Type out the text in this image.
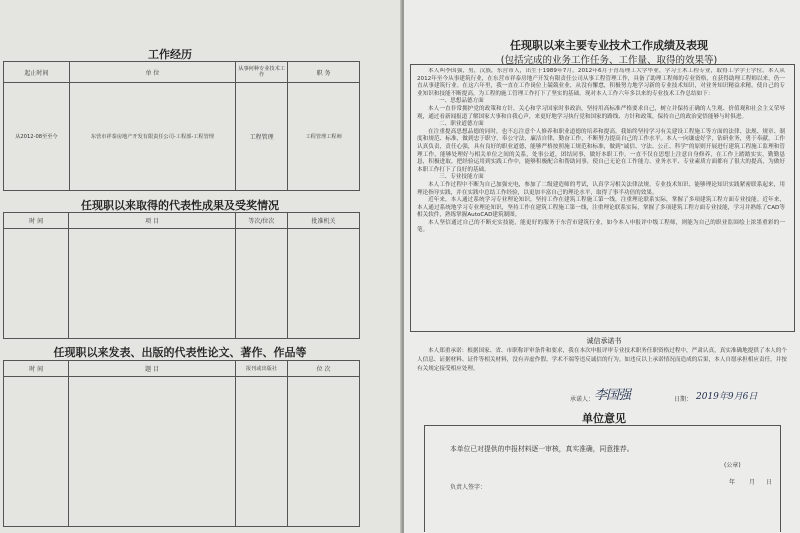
工作经历
起止时间	单 位	从事何种专业技术工作	职 务
从2012-08至至今	东营市祥泰房地产开发有限责任公司-工程部-工程管理	工程管理	工程管理工程师
任现职以来取得的代表性成果及受奖情况
时 间	项 目	等次/位次	批准机关

任现职以来发表、出版的代表性论文、著作、作品等
时 间	题 目	报刊或出版社	位 次

任现职以来主要专业技术工作成绩及表现
(包括完成的业务工作任务、工作量、取得的效果等)

本人叫李国强，男，汉族，东营市人，出生于1989年7月，2012年6月于青岛理工大学毕业，学习土木工程专业，取得工学学士学位。本人从2012年至今从事建筑行业，在东营市祥泰房地产开发有限责任公司从事工程管理工作，具备了助理工程师的专业资格，在获得助理工程师以来，仍一直从事建筑行业。在这六年里，我一直在工作岗位上兢兢业业，从没有懈怠，积极努力地学习新的专业技术知识，对业务知识精益求精，使自己的专业知识和技能不断提高，为工程的施工管理工作打下了坚实的基础。现对本人工作六年多以来的专业技术工作总结如下：

一、思想品德方面

本人一直非常拥护党的政策和方针，关心和学习国家时事政治，坚持用高标准严格要求自己，树立并保持正确的人生观、价值观和社会主义荣辱观，通过看新闻报道了解国家大事和自我心声，来更好地学习执行党和国家的路线、方针和政策，保持自己的政治觉悟能够与时俱进。

二、职业道德方面

在注重提高思想品德的同时，也不忘注意个人修养和职业道德的培养和提高。我始终坚持学习有关建设工程施工等方面的法律、法规、规章、制度和规范、标准，做到忠于职守，奉公守法，廉洁自律，勤奋工作，不断努力提高自己的工作水平。本人一向谦虚好学，钻研业务，勇于奉献，工作认真负责，责任心强，具有良好的职业道德，能够严格按照施工规范和标准，做到“诚信、守法、公正、科学”的原则开展进行建筑工程施工监理和管理工作，能够处理好与相关单位之间的关系，处事公道，团结同事，做好本职工作。一直不仅在思想上注意自身修养，在工作上踏踏实实，勤勤恳恳，积极进取，把经验运用到实践工作中，能够积极配合和帮助同事，使自己无论在工作能力、业务水平、专业素质方面都有了很大的提高，为做好本职工作打下了良好的基础。

三、专业技能方面

本人工作过程中不断为自己加强充电，参加了二级建造师的考试，认真学习相关法律法规。专业技术知识、能够理论知识实践紧密联系起来，用理论指导实践，并在实践中总结工作经验，以更加丰富自己的理论水平，取得了事半功倍的效果。

近年来，本人通过系统学习专业理论知识，坚持工作在建筑工程施工第一线，注重理论联系实际，掌握了多项建筑工程方面专业技能。近年来，本人通过系统地学习专业理论知识，坚持工作在建筑工程施工第一线，注重理论联系实际，掌握了多项建筑工程方面专业技能，学习并熟练了CAD等相关软件，熟练掌握AutoCAD建筑制图。

本人坚信通过自己的不断充实技能，能更好的服务于东营市建筑行业，如今本人申报评中级工程师，则能为自己的职业监围绘上浓墨重彩的一笔。

诚信承诺书

本人郑重承诺：根据国家、省、市职称评审条件和要求，我在本次申报评审专业技术职务任职资格过程中，严肃认真，真实准确地提供了本人的个人信息、证据材料、证件等相关材料，没有弄虚作假、学术不端等违反诚信的行为。如违反以上承诺情况而造成的后果，本人自愿承担相应责任，并按有关规定接受相应处理。

承诺人： 李国强	日期： 2019年9月6日
单位意见
本单位已对提供的申报材料逐一审核，真实准确，同意推荐。
(公章)
负责人签字：
年 月 日
